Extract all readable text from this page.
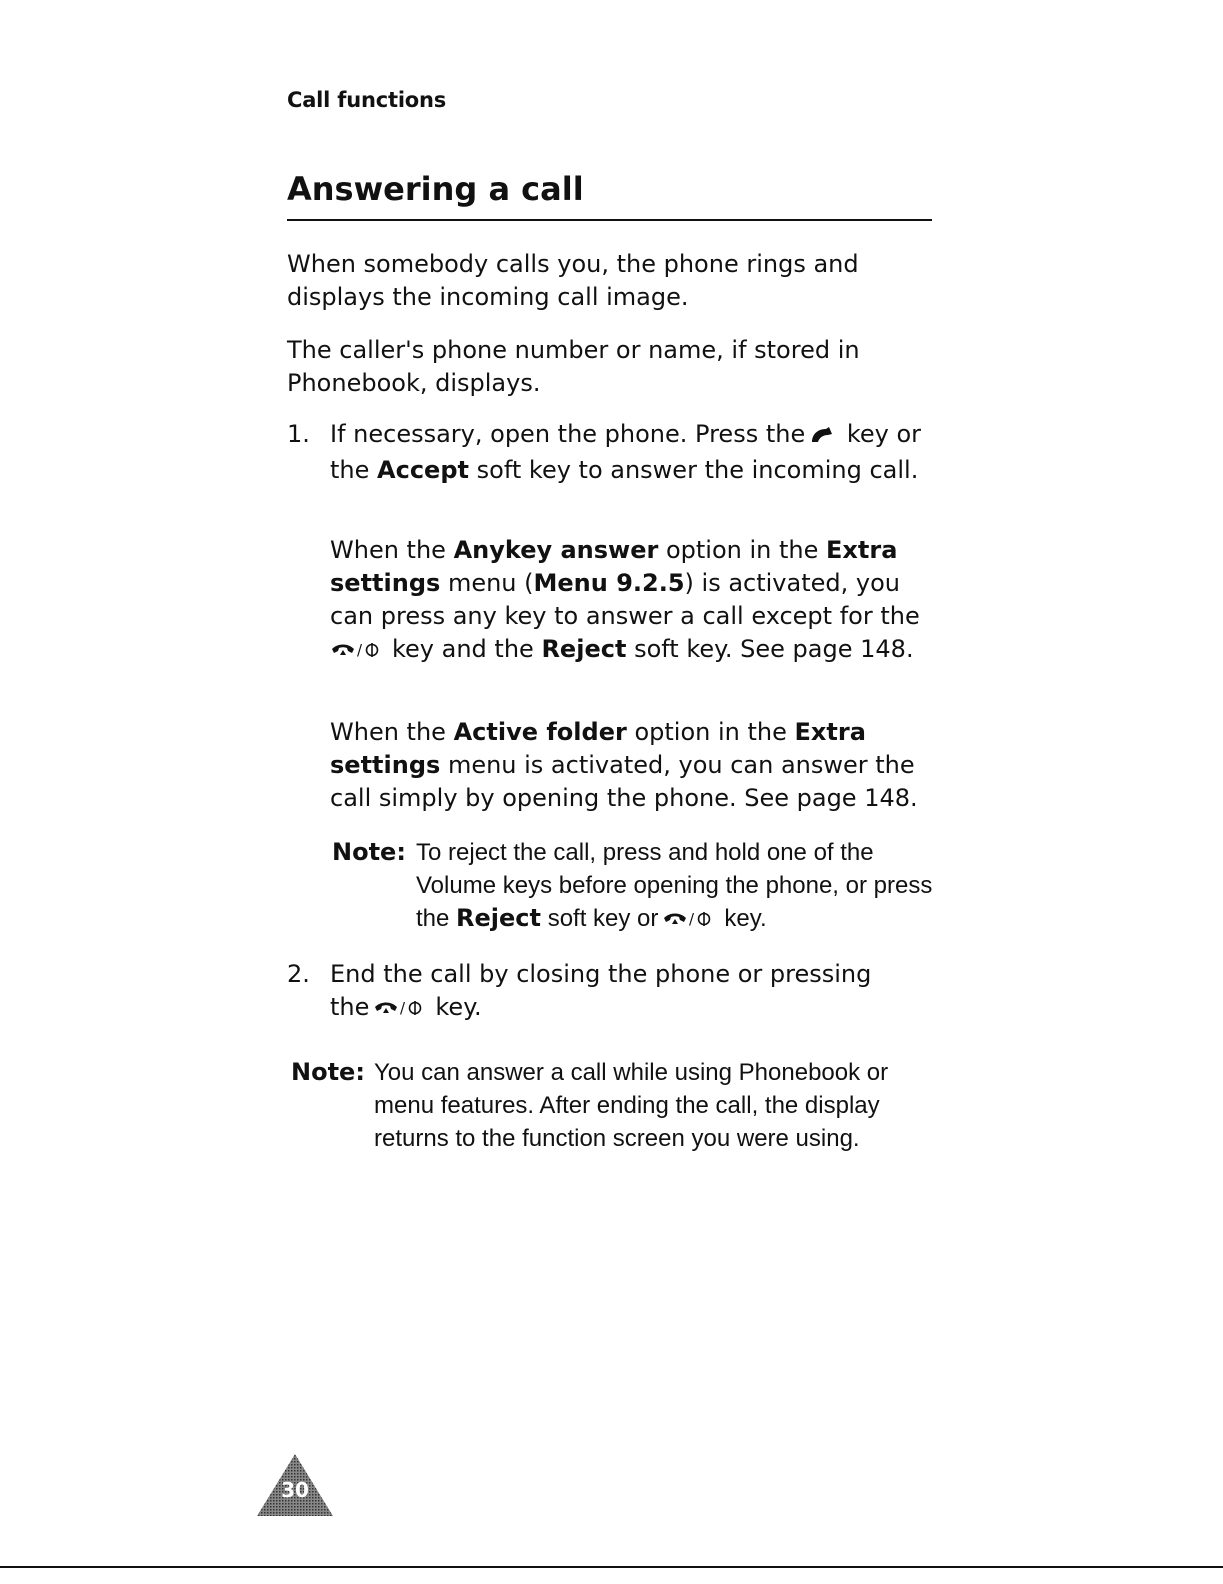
Call functions
Answering a call

When somebody calls you, the phone rings and displays the incoming call image.

The caller's phone number or name, if stored in Phonebook, displays.

1. If necessary, open the phone. Press the key or the Accept soft key to answer the incoming call.

When the Anykey answer option in the Extra settings menu (Menu 9.2.5) is activated, you can press any key to answer a call except for the

/ key and the Reject soft key. See page 148.

When the Active folder option in the Extra settings menu is activated, you can answer the call simply by opening the phone. See page 148.

Note: To reject the call, press and hold one of the Volume keys before opening the phone, or press the Reject soft key or / key.

2. End the call by closing the phone or pressing the / key.

Note: You can answer a call while using Phonebook or menu features. After ending the call, the display returns to the function screen you were using.

30
